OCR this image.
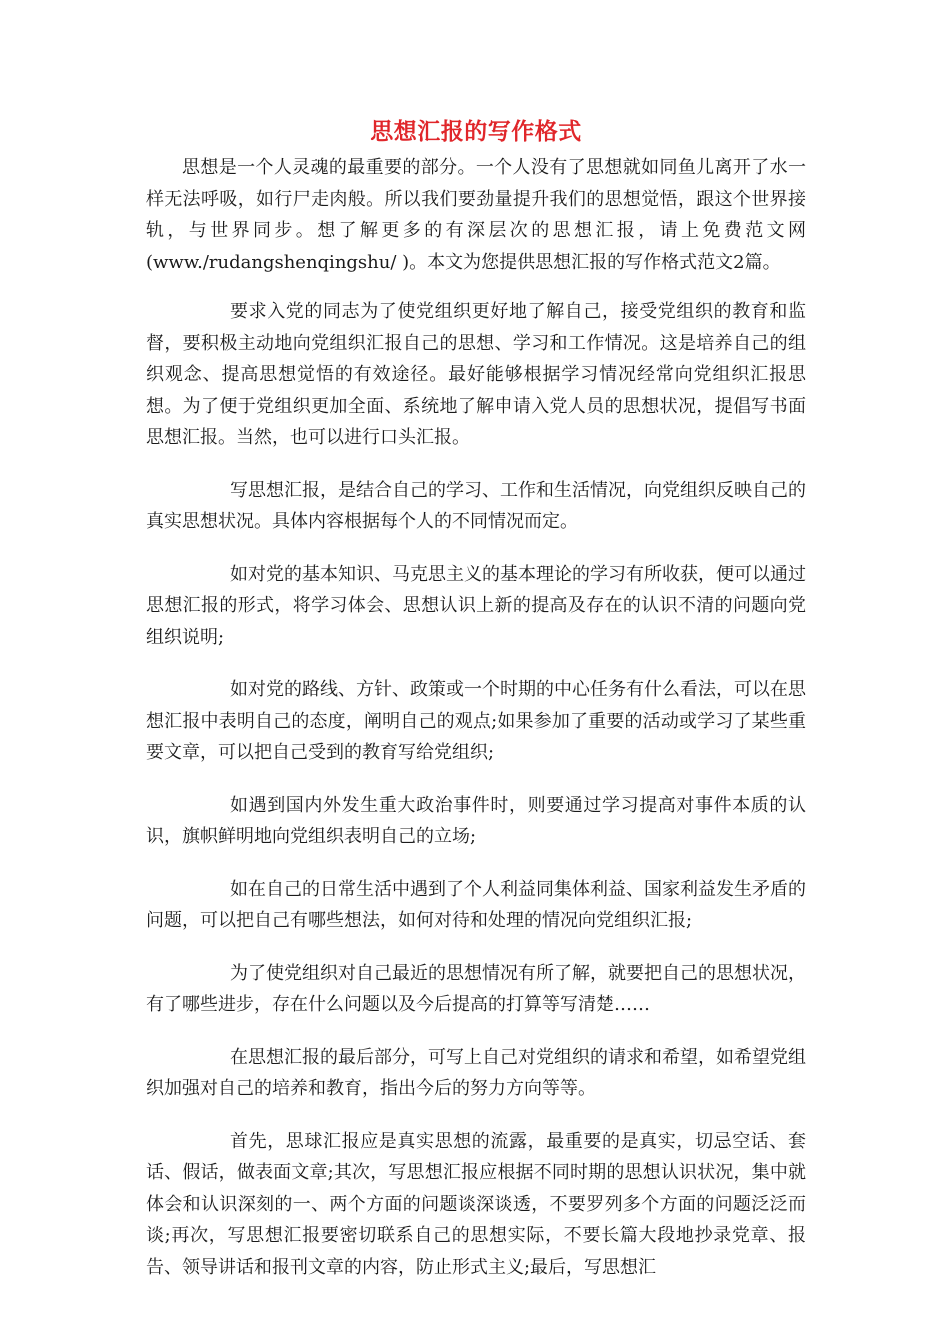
思想汇报的写作格式

思想是一个人灵魂的最重要的部分。一个人没有了思想就如同鱼儿离开了水一样无法呼吸，如行尸走肉般。所以我们要劲量提升我们的思想觉悟，跟这个世界接轨，与世界同步。想了解更多的有深层次的思想汇报，请上免费范文网(www./rudangshenqingshu/ )。本文为您提供思想汇报的写作格式范文2篇。

要求入党的同志为了使党组织更好地了解自己，接受党组织的教育和监督，要积极主动地向党组织汇报自己的思想、学习和工作情况。这是培养自己的组织观念、提高思想觉悟的有效途径。最好能够根据学习情况经常向党组织汇报思想。为了便于党组织更加全面、系统地了解申请入党人员的思想状况，提倡写书面思想汇报。当然，也可以进行口头汇报。

写思想汇报，是结合自己的学习、工作和生活情况，向党组织反映自己的真实思想状况。具体内容根据每个人的不同情况而定。

如对党的基本知识、马克思主义的基本理论的学习有所收获，便可以通过思想汇报的形式，将学习体会、思想认识上新的提高及存在的认识不清的问题向党组织说明;

如对党的路线、方针、政策或一个时期的中心任务有什么看法，可以在思想汇报中表明自己的态度，阐明自己的观点;如果参加了重要的活动或学习了某些重要文章，可以把自己受到的教育写给党组织;

如遇到国内外发生重大政治事件时，则要通过学习提高对事件本质的认识，旗帜鲜明地向党组织表明自己的立场;

如在自己的日常生活中遇到了个人利益同集体利益、国家利益发生矛盾的问题，可以把自己有哪些想法，如何对待和处理的情况向党组织汇报;

为了使党组织对自己最近的思想情况有所了解，就要把自己的思想状况，有了哪些进步，存在什么问题以及今后提高的打算等写清楚……

在思想汇报的最后部分，可写上自己对党组织的请求和希望，如希望党组织加强对自己的培养和教育，指出今后的努力方向等等。

首先，思球汇报应是真实思想的流露，最重要的是真实，切忌空话、套话、假话，做表面文章;其次，写思想汇报应根据不同时期的思想认识状况，集中就体会和认识深刻的一、两个方面的问题谈深谈透，不要罗列多个方面的问题泛泛而谈;再次，写思想汇报要密切联系自己的思想实际，不要长篇大段地抄录党章、报告、领导讲话和报刊文章的内容，防止形式主义;最后，写思想汇
